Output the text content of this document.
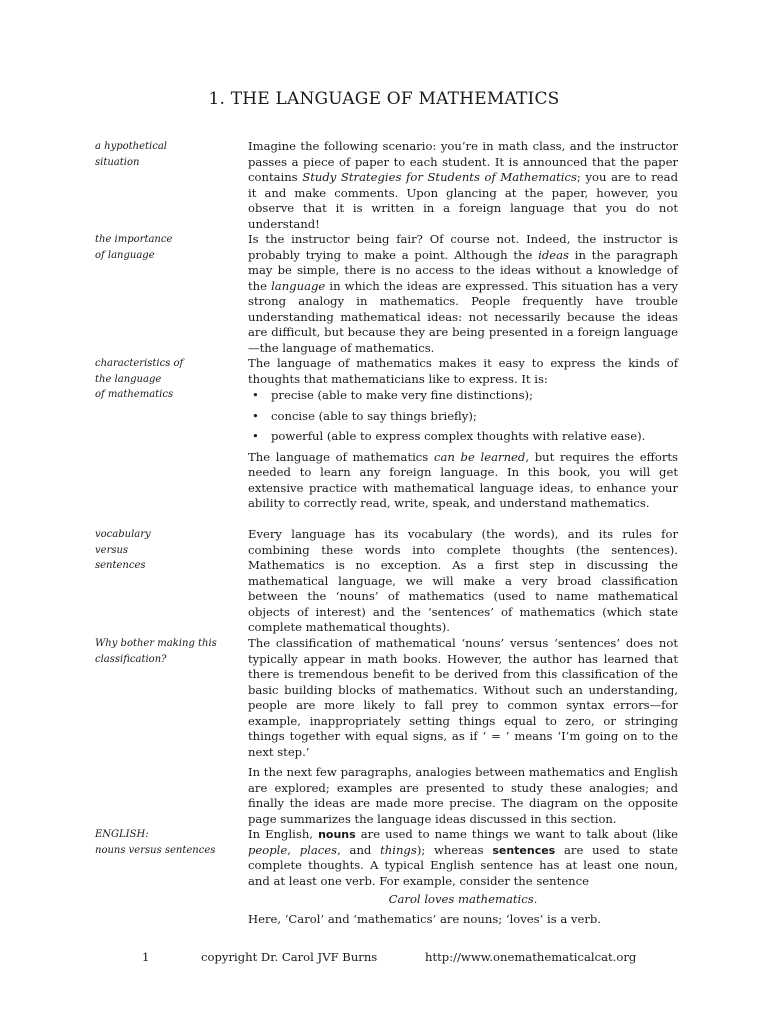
1. THE LANGUAGE OF MATHEMATICS
a hypothetical
situation

Imagine the following scenario: you’re in math class, and the instructor passes a piece of paper to each student. It is announced that the paper contains Study Strategies for Students of Mathematics; you are to read it and make comments. Upon glancing at the paper, however, you observe that it is written in a foreign language that you do not understand!

the importance
of language

Is the instructor being fair? Of course not. Indeed, the instructor is probably trying to make a point. Although the ideas in the paragraph may be simple, there is no access to the ideas without a knowledge of the language in which the ideas are expressed. This situation has a very strong analogy in mathematics. People frequently have trouble understanding mathematical ideas: not necessarily because the ideas are difficult, but because they are being presented in a foreign language—the language of mathematics.

characteristics of
the language
of mathematics

The language of mathematics makes it easy to express the kinds of thoughts that mathematicians like to express. It is:

• precise (able to make very fine distinctions);
• concise (able to say things briefly);
• powerful (able to express complex thoughts with relative ease).

The language of mathematics can be learned, but requires the efforts needed to learn any foreign language. In this book, you will get extensive practice with mathematical language ideas, to enhance your ability to correctly read, write, speak, and understand mathematics.

vocabulary
versus
sentences

Every language has its vocabulary (the words), and its rules for combining these words into complete thoughts (the sentences). Mathematics is no exception. As a first step in discussing the mathematical language, we will make a very broad classification between the ‘nouns’ of mathematics (used to name mathematical objects of interest) and the ‘sentences’ of mathematics (which state complete mathematical thoughts).

Why bother making this
classification?

The classification of mathematical ‘nouns’ versus ‘sentences’ does not typically appear in math books. However, the author has learned that there is tremendous benefit to be derived from this classification of the basic building blocks of mathematics. Without such an understanding, people are more likely to fall prey to common syntax errors—for example, inappropriately setting things equal to zero, or stringing things together with equal signs, as if ‘ = ’ means ‘I’m going on to the next step.’

In the next few paragraphs, analogies between mathematics and English are explored; examples are presented to study these analogies; and finally the ideas are made more precise. The diagram on the opposite page summarizes the language ideas discussed in this section.

ENGLISH:
nouns versus sentences

In English, nouns are used to name things we want to talk about (like people, places, and things); whereas sentences are used to state complete thoughts. A typical English sentence has at least one noun, and at least one verb. For example, consider the sentence

Carol loves mathematics.

Here, ‘Carol’ and ‘mathematics’ are nouns; ‘loves’ is a verb.

1	copyright Dr. Carol JVF Burns	http://www.onemathematicalcat.org
